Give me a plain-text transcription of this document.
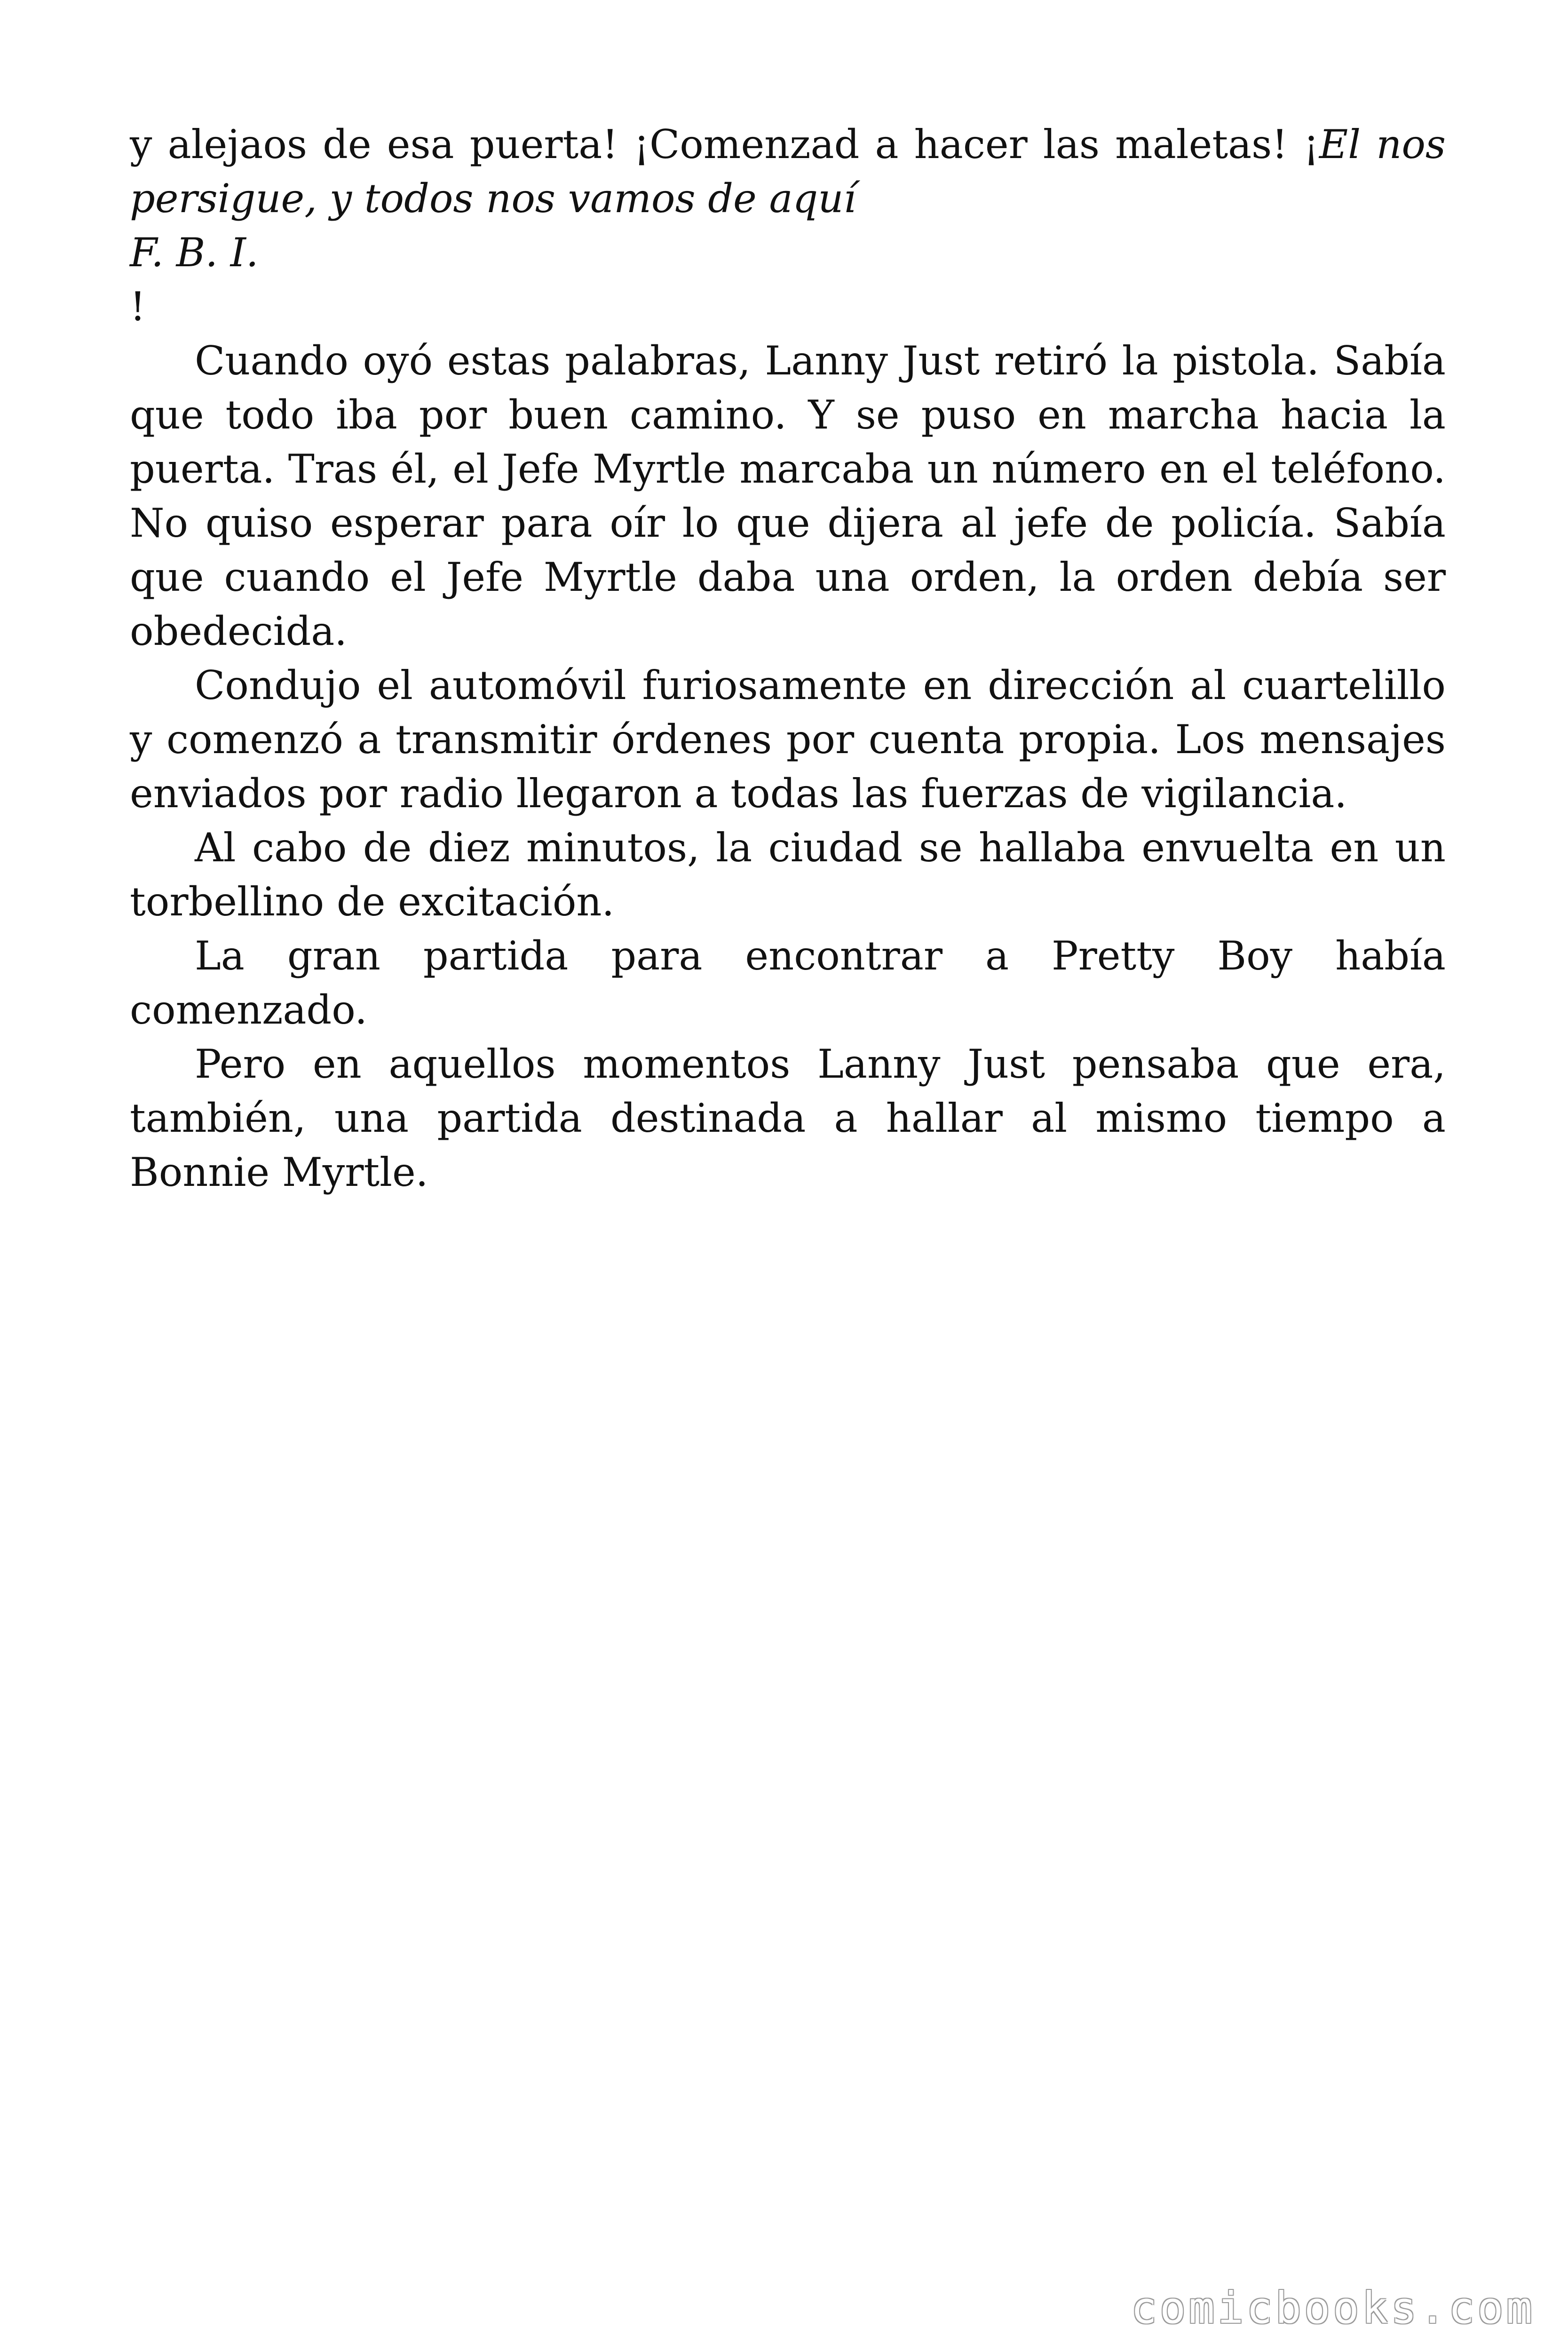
y alejaos de esa puerta! ¡Comenzad a hacer las maletas! ¡El nos persigue, y todos nos vamos de aquí

F. B. I.

!

Cuando oyó estas palabras, Lanny Just retiró la pistola. Sabía que todo iba por buen camino. Y se puso en marcha hacia la puerta. Tras él, el Jefe Myrtle marcaba un número en el teléfono. No quiso esperar para oír lo que dijera al jefe de policía. Sabía que cuando el Jefe Myrtle daba una orden, la orden debía ser obedecida.

Condujo el automóvil furiosamente en dirección al cuartelillo y comenzó a transmitir órdenes por cuenta propia. Los mensajes enviados por radio llegaron a todas las fuerzas de vigilancia.

Al cabo de diez minutos, la ciudad se hallaba envuelta en un torbellino de excitación.

La gran partida para encontrar a Pretty Boy había comenzado.

Pero en aquellos momentos Lanny Just pensaba que era, también, una partida destinada a hallar al mismo tiempo a Bonnie Myrtle.

comicbooks.com
